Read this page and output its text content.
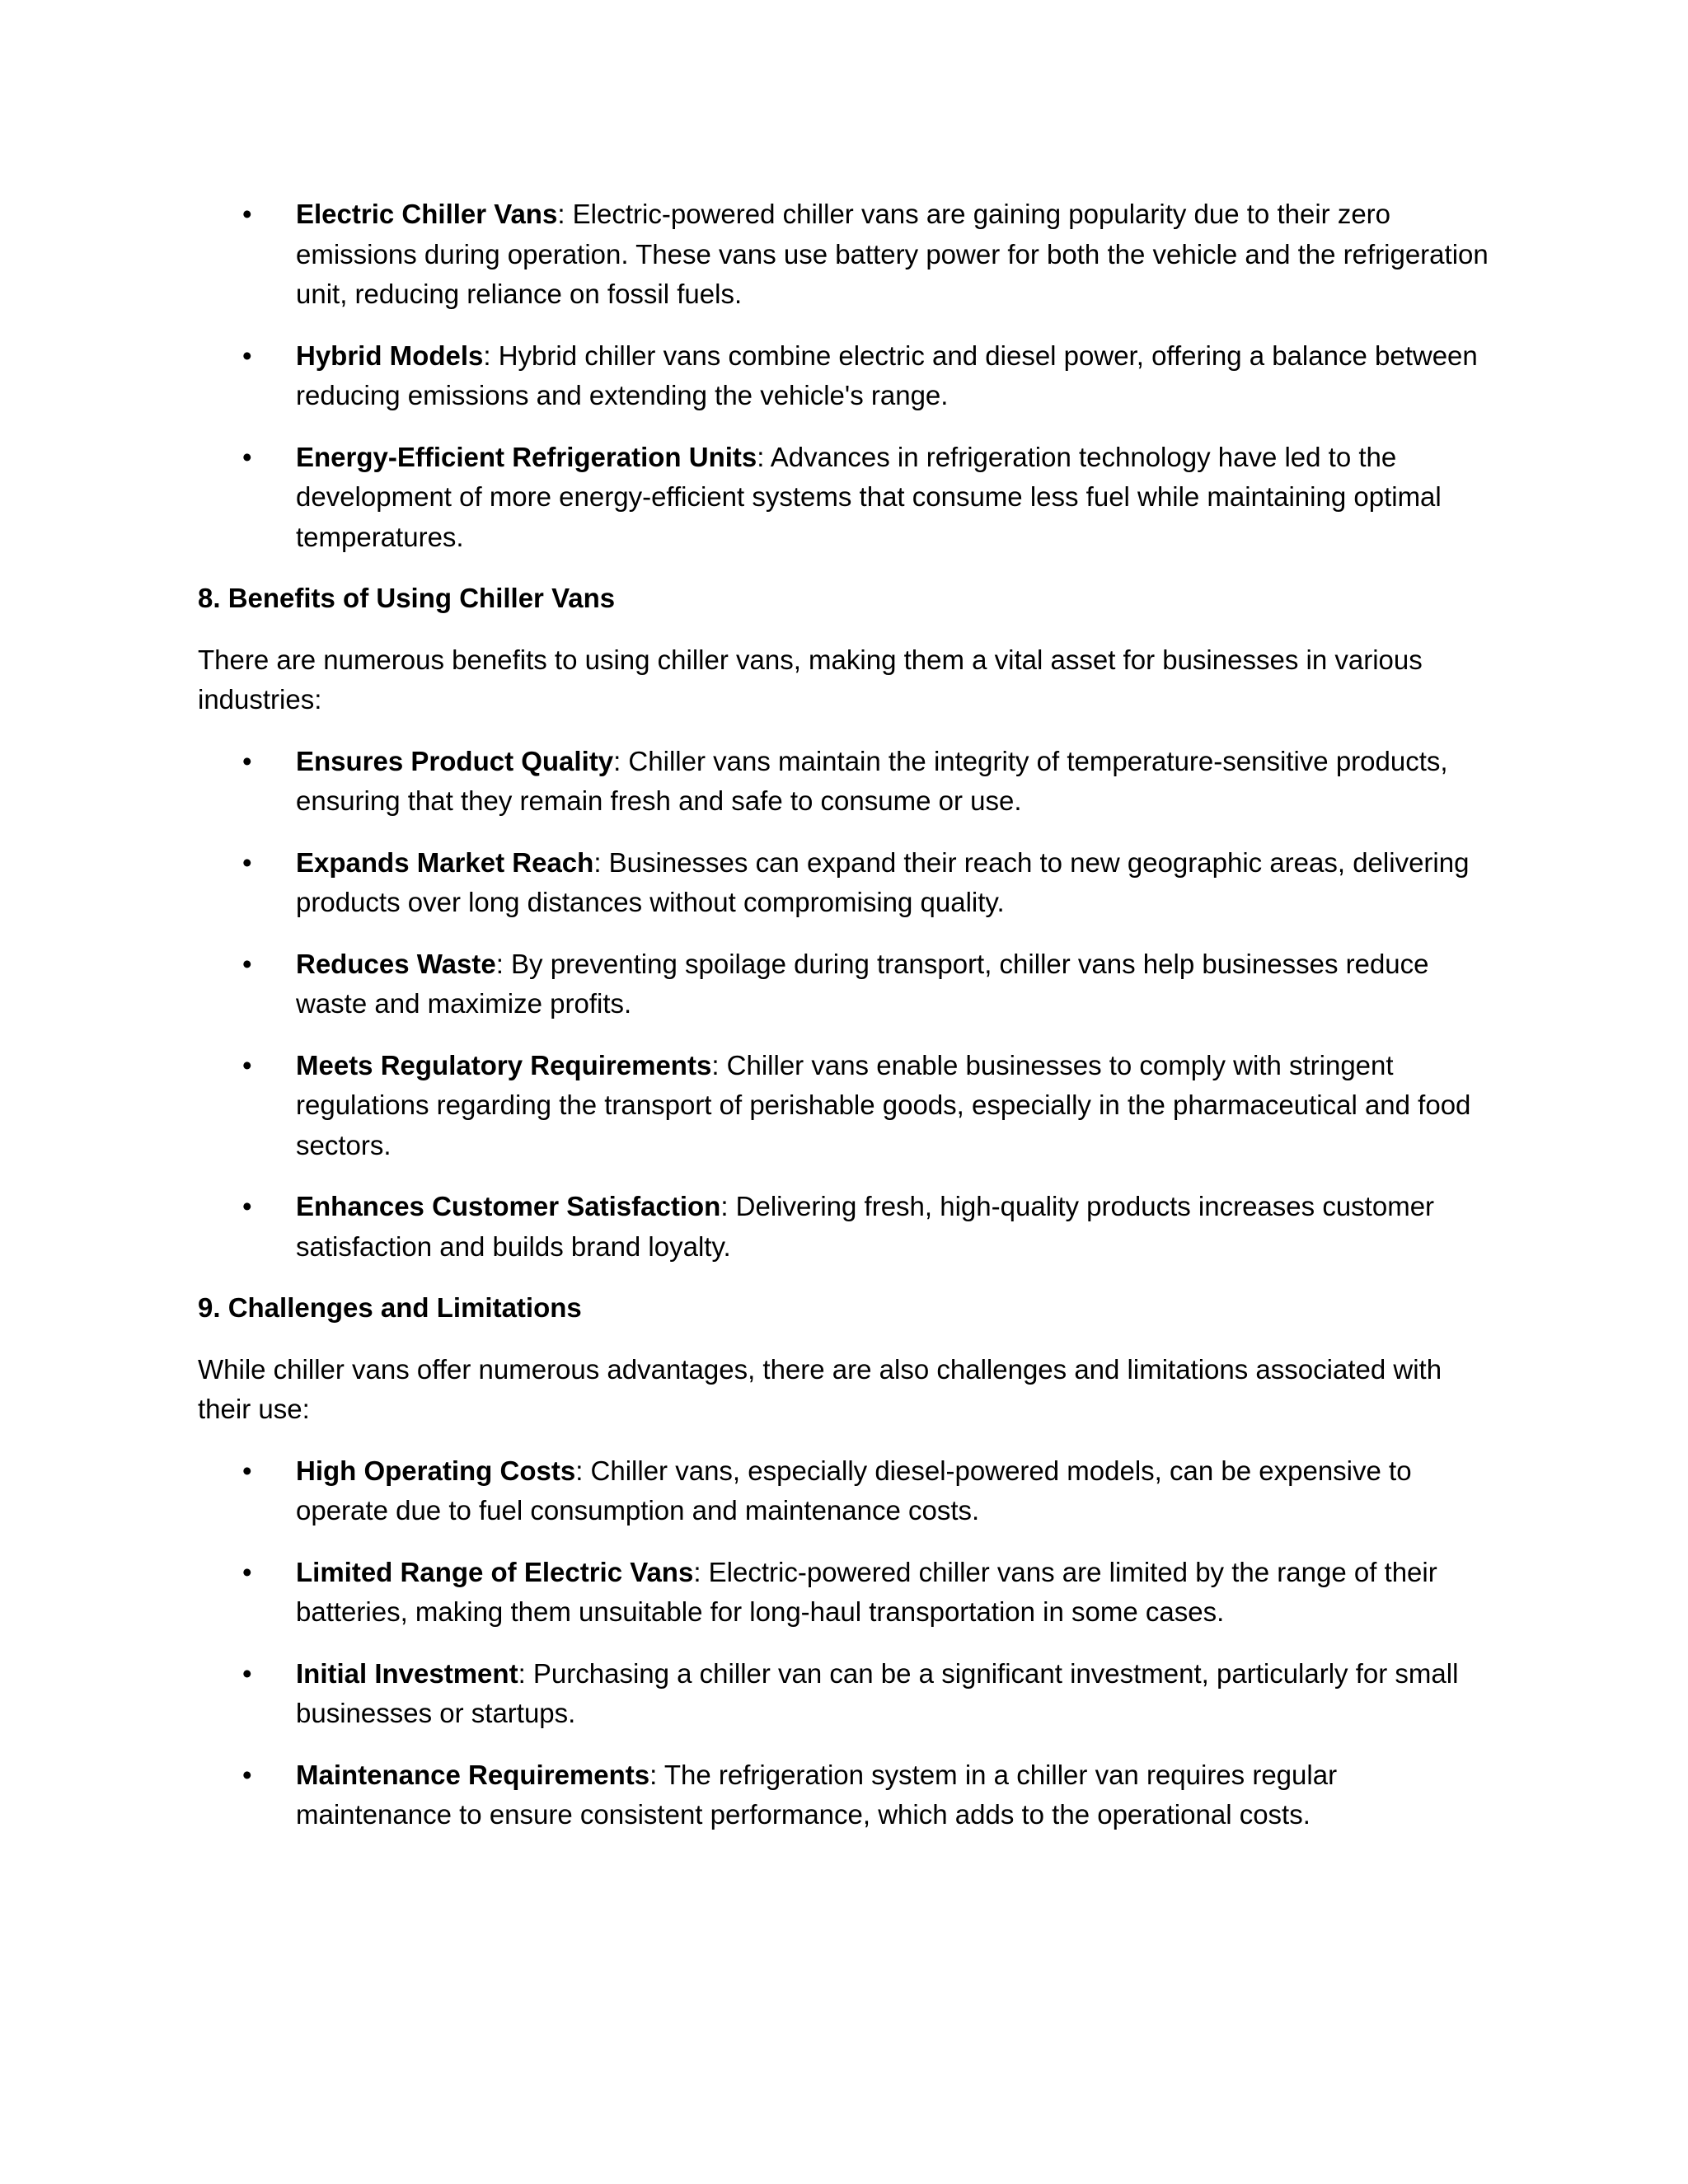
• Electric Chiller Vans: Electric-powered chiller vans are gaining popularity due to their zero emissions during operation. These vans use battery power for both the vehicle and the refrigeration unit, reducing reliance on fossil fuels.
• Hybrid Models: Hybrid chiller vans combine electric and diesel power, offering a balance between reducing emissions and extending the vehicle's range.
• Energy-Efficient Refrigeration Units: Advances in refrigeration technology have led to the development of more energy-efficient systems that consume less fuel while maintaining optimal temperatures.

8. Benefits of Using Chiller Vans

There are numerous benefits to using chiller vans, making them a vital asset for businesses in various industries:

• Ensures Product Quality: Chiller vans maintain the integrity of temperature-sensitive products, ensuring that they remain fresh and safe to consume or use.
• Expands Market Reach: Businesses can expand their reach to new geographic areas, delivering products over long distances without compromising quality.
• Reduces Waste: By preventing spoilage during transport, chiller vans help businesses reduce waste and maximize profits.
• Meets Regulatory Requirements: Chiller vans enable businesses to comply with stringent regulations regarding the transport of perishable goods, especially in the pharmaceutical and food sectors.
• Enhances Customer Satisfaction: Delivering fresh, high-quality products increases customer satisfaction and builds brand loyalty.

9. Challenges and Limitations

While chiller vans offer numerous advantages, there are also challenges and limitations associated with their use:

• High Operating Costs: Chiller vans, especially diesel-powered models, can be expensive to operate due to fuel consumption and maintenance costs.
• Limited Range of Electric Vans: Electric-powered chiller vans are limited by the range of their batteries, making them unsuitable for long-haul transportation in some cases.
• Initial Investment: Purchasing a chiller van can be a significant investment, particularly for small businesses or startups.
• Maintenance Requirements: The refrigeration system in a chiller van requires regular maintenance to ensure consistent performance, which adds to the operational costs.
